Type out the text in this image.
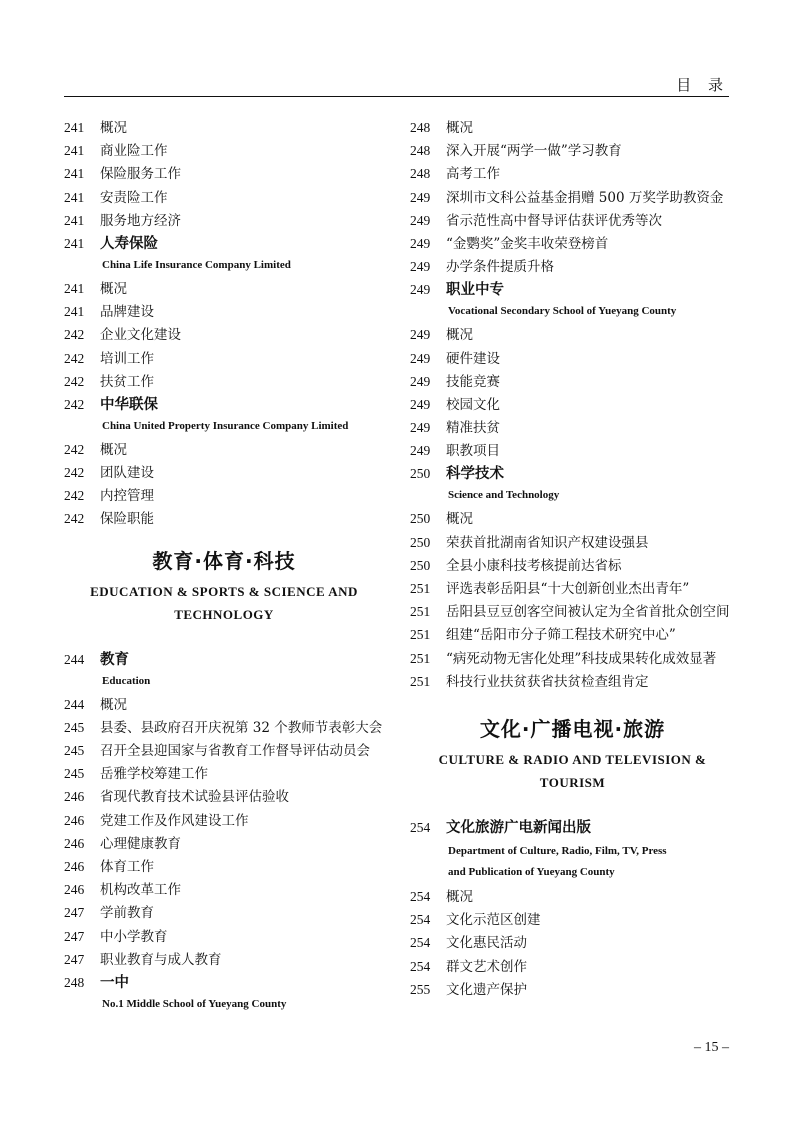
目 录
241	概况
241	商业险工作
241	保险服务工作
241	安责险工作
241	服务地方经济
241	人寿保险
China Life Insurance Company Limited
241	概况
241	品牌建设
242	企业文化建设
242	培训工作
242	扶贫工作
242	中华联保
China United Property Insurance Company Limited
242	概况
242	团队建设
242	内控管理
242	保险职能
教育·体育·科技
EDUCATION & SPORTS & SCIENCE AND
TECHNOLOGY
244	教育
Education
244	概况
245	县委、县政府召开庆祝第 32 个教师节表彰大会
245	召开全县迎国家与省教育工作督导评估动员会
245	岳雅学校筹建工作
246	省现代教育技术试验县评估验收
246	党建工作及作风建设工作
246	心理健康教育
246	体育工作
246	机构改革工作
247	学前教育
247	中小学教育
247	职业教育与成人教育
248	一中
No.1 Middle School of Yueyang County
248	概况
248	深入开展“两学一做”学习教育
248	高考工作
249	深圳市文科公益基金捐赠 500 万奖学助教资金
249	省示范性高中督导评估获评优秀等次
249	“金鹦奖”金奖丰收荣登榜首
249	办学条件提质升格
249	职业中专
Vocational Secondary School of Yueyang County
249	概况
249	硬件建设
249	技能竞赛
249	校园文化
249	精准扶贫
249	职教项目
250	科学技术
Science and Technology
250	概况
250	荣获首批湖南省知识产权建设强县
250	全县小康科技考核提前达省标
251	评选表彰岳阳县“十大创新创业杰出青年”
251	岳阳县豆豆创客空间被认定为全省首批众创空间
251	组建“岳阳市分子筛工程技术研究中心”
251	“病死动物无害化处理”科技成果转化成效显著
251	科技行业扶贫获省扶贫检查组肯定
文化·广播电视·旅游
CULTURE & RADIO AND TELEVISION &
TOURISM
254	文化旅游广电新闻出版
Department of Culture, Radio, Film, TV, Press
and Publication of Yueyang County
254	概况
254	文化示范区创建
254	文化惠民活动
254	群文艺术创作
255	文化遗产保护
– 15 –
